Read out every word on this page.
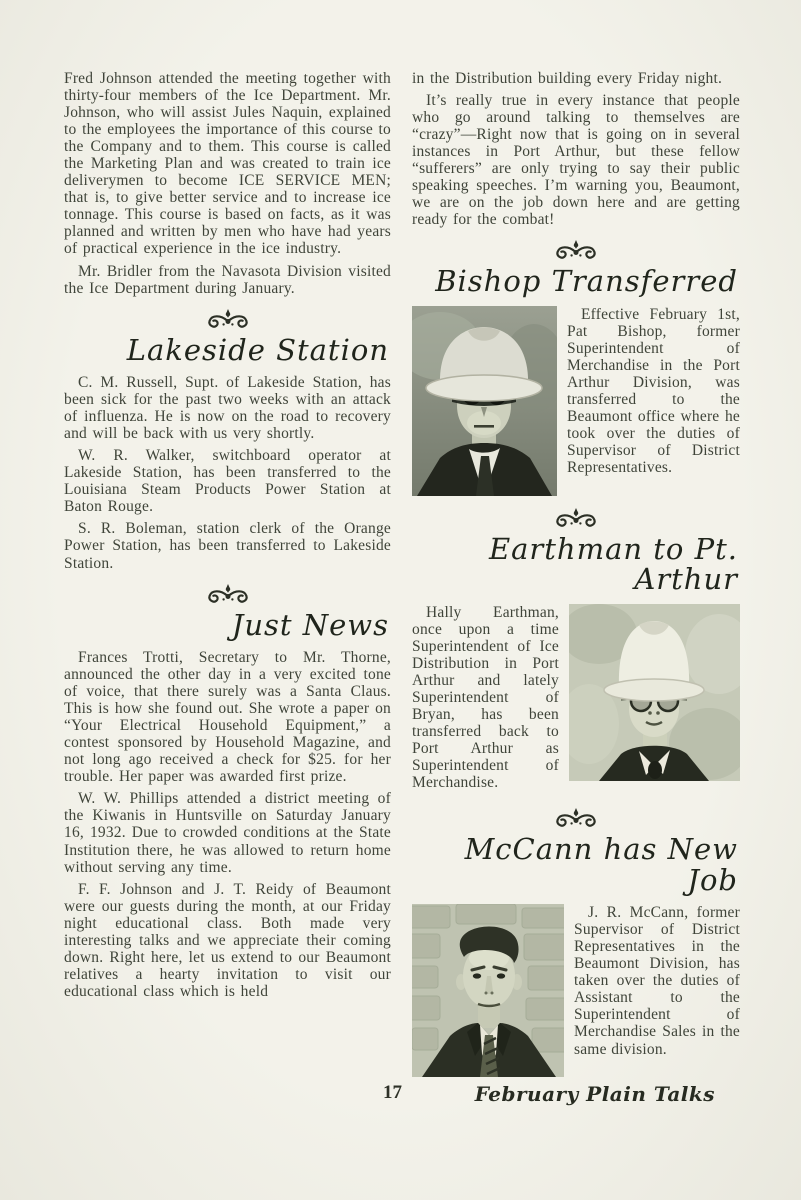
Fred Johnson attended the meeting together with thirty-four members of the Ice Department. Mr. Johnson, who will assist Jules Naquin, explained to the employees the importance of this course to the Company and to them. This course is called the Marketing Plan and was created to train ice deliverymen to become ICE SERVICE MEN; that is, to give better service and to increase ice tonnage. This course is based on facts, as it was planned and written by men who have had years of practical experience in the ice industry.

Mr. Bridler from the Navasota Division visited the Ice Department during January.

Lakeside Station

C. M. Russell, Supt. of Lakeside Station, has been sick for the past two weeks with an attack of influenza. He is now on the road to recovery and will be back with us very shortly.

W. R. Walker, switchboard operator at Lakeside Station, has been transferred to the Louisiana Steam Products Power Station at Baton Rouge.

S. R. Boleman, station clerk of the Orange Power Station, has been transferred to Lakeside Station.

Just News

Frances Trotti, Secretary to Mr. Thorne, announced the other day in a very excited tone of voice, that there surely was a Santa Claus. This is how she found out. She wrote a paper on “Your Electrical Household Equipment,” a contest sponsored by Household Magazine, and not long ago received a check for $25. for her trouble. Her paper was awarded first prize.

W. W. Phillips attended a district meeting of the Kiwanis in Huntsville on Saturday January 16, 1932. Due to crowded conditions at the State Institution there, he was allowed to return home without serving any time.

F. F. Johnson and J. T. Reidy of Beaumont were our guests during the month, at our Friday night educational class. Both made very interesting talks and we appreciate their coming down. Right here, let us extend to our Beaumont relatives a hearty invitation to visit our educational class which is held

in the Distribution building every Friday night.

It’s really true in every instance that people who go around talking to themselves are “crazy”—Right now that is going on in several instances in Port Arthur, but these fellow “sufferers” are only trying to say their public speaking speeches. I’m warning you, Beaumont, we are on the job down here and are getting ready for the combat!

Bishop Transferred

Effective February 1st, Pat Bishop, former Superintendent of Merchandise in the Port Arthur Division, was transferred to the Beaumont office where he took over the duties of Supervisor of District Representatives.

Earthman to Pt. Arthur

Hally Earthman, once upon a time Superintendent of Ice Distribution in Port Arthur and lately Superintendent of Bryan, has been transferred back to Port Arthur as Superintendent of Merchandise.

McCann has New Job

J. R. McCann, former Supervisor of District Representatives in the Beaumont Division, has taken over the duties of Assistant to the Superintendent of Merchandise Sales in the same division.

17	February Plain Talks
